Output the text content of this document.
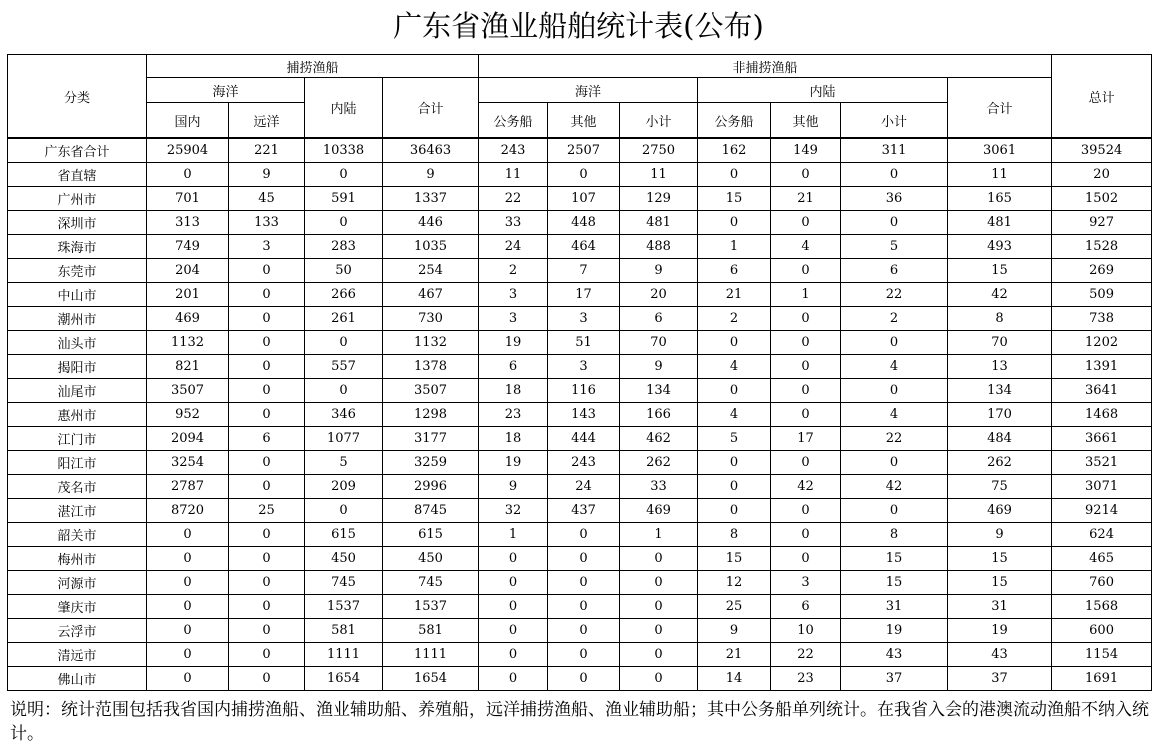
广东省渔业船舶统计表(公布)
分类	捕捞渔船				非捕捞渔船							总计
	海洋		内陆	合计	海洋			内陆			合计	
	国内	远洋			公务船	其他	小计	公务船	其他	小计		
广东省合计	25904	221	10338	36463	243	2507	2750	162	149	311	3061	39524
省直辖	0	9	0	9	11	0	11	0	0	0	11	20
广州市	701	45	591	1337	22	107	129	15	21	36	165	1502
深圳市	313	133	0	446	33	448	481	0	0	0	481	927
珠海市	749	3	283	1035	24	464	488	1	4	5	493	1528
东莞市	204	0	50	254	2	7	9	6	0	6	15	269
中山市	201	0	266	467	3	17	20	21	1	22	42	509
潮州市	469	0	261	730	3	3	6	2	0	2	8	738
汕头市	1132	0	0	1132	19	51	70	0	0	0	70	1202
揭阳市	821	0	557	1378	6	3	9	4	0	4	13	1391
汕尾市	3507	0	0	3507	18	116	134	0	0	0	134	3641
惠州市	952	0	346	1298	23	143	166	4	0	4	170	1468
江门市	2094	6	1077	3177	18	444	462	5	17	22	484	3661
阳江市	3254	0	5	3259	19	243	262	0	0	0	262	3521
茂名市	2787	0	209	2996	9	24	33	0	42	42	75	3071
湛江市	8720	25	0	8745	32	437	469	0	0	0	469	9214
韶关市	0	0	615	615	1	0	1	8	0	8	9	624
梅州市	0	0	450	450	0	0	0	15	0	15	15	465
河源市	0	0	745	745	0	0	0	12	3	15	15	760
肇庆市	0	0	1537	1537	0	0	0	25	6	31	31	1568
云浮市	0	0	581	581	0	0	0	9	10	19	19	600
清远市	0	0	1111	1111	0	0	0	21	22	43	43	1154
佛山市	0	0	1654	1654	0	0	0	14	23	37	37	1691
说明：统计范围包括我省国内捕捞渔船、渔业辅助船、养殖船，远洋捕捞渔船、渔业辅助船；其中公务船单列统计。在我省入会的港澳流动渔船不纳入统计。
